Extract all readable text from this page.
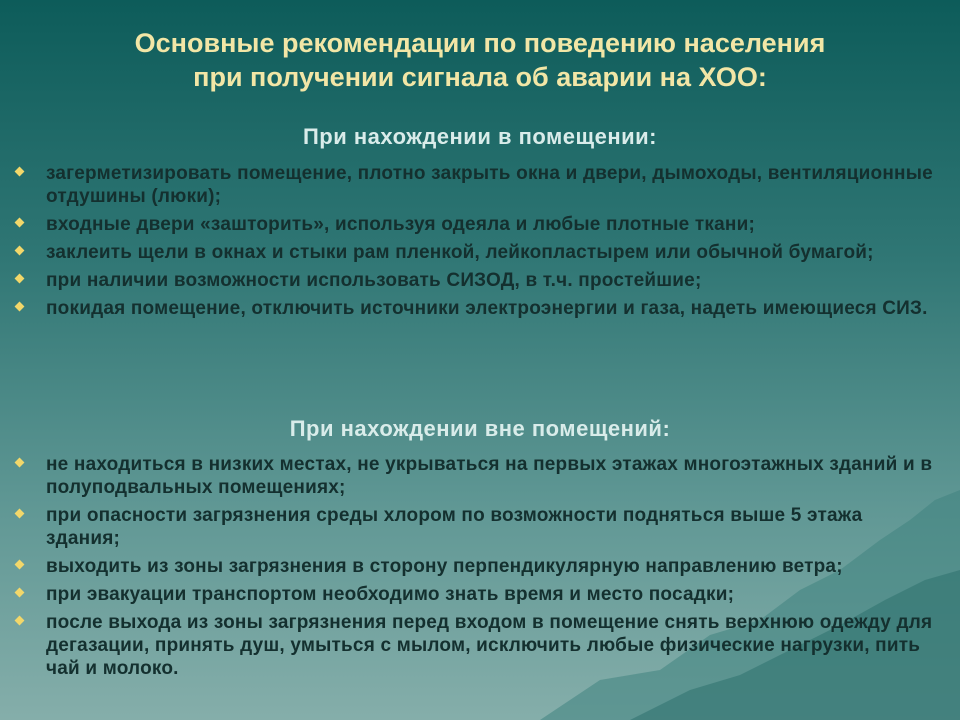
Основные рекомендации по поведению населения
при получении сигнала об аварии на ХОО:
При нахождении в помещении:
загерметизировать помещение, плотно закрыть окна и двери, дымоходы, вентиляционные отдушины (люки);
входные двери «зашторить», используя одеяла и любые плотные ткани;
заклеить щели в окнах и стыки рам пленкой, лейкопластырем или обычной бумагой;
при наличии возможности использовать СИЗОД, в т.ч. простейшие;
покидая помещение, отключить источники электроэнергии и газа, надеть имеющиеся СИЗ.
При нахождении вне помещений:
не находиться в низких местах, не укрываться на первых этажах многоэтажных зданий и в полуподвальных помещениях;
при опасности загрязнения среды хлором по возможности подняться выше 5 этажа здания;
выходить из зоны загрязнения в сторону перпендикулярную направлению ветра;
при эвакуации транспортом необходимо знать время и место посадки;
после выхода из зоны загрязнения перед входом в помещение снять верхнюю одежду для дегазации, принять душ, умыться с мылом, исключить любые физические нагрузки, пить чай и молоко.
